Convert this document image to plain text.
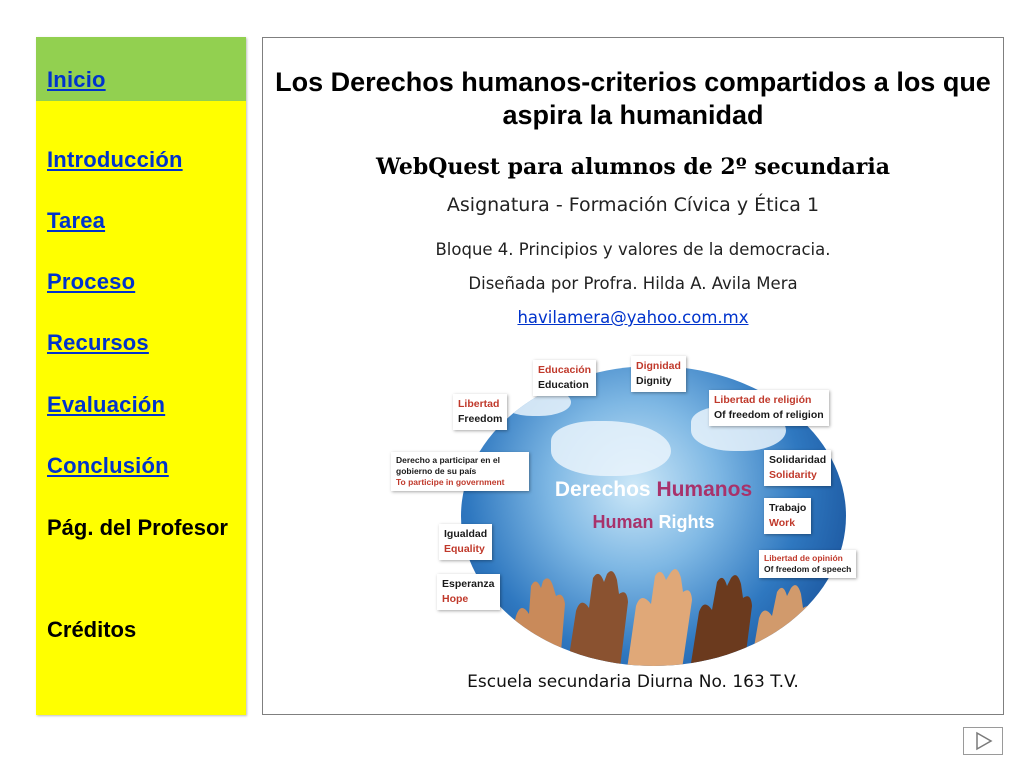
Inicio
Introducción
Tarea
Proceso
Recursos
Evaluación
Conclusión
Pág. del Profesor
Créditos
Los Derechos humanos-criterios compartidos a los que aspira la humanidad
WebQuest para alumnos de 2º secundaria
Asignatura - Formación Cívica y Ética 1
Bloque 4. Principios y valores de la democracia.
Diseñada por Profra. Hilda A. Avila Mera
havilamera@yahoo.com.mx
Derechos Humanos
Human Rights
Educación
Education
Dignidad
Dignity
Libertad de religión
Of freedom of religion
Libertad
Freedom
Derecho a participar en el gobierno de su país
To participe in government
Solidaridad
Solidarity
Trabajo
Work
Igualdad
Equality
Libertad de opinión
Of freedom of speech
Esperanza
Hope
Escuela secundaria Diurna No. 163 T.V.
